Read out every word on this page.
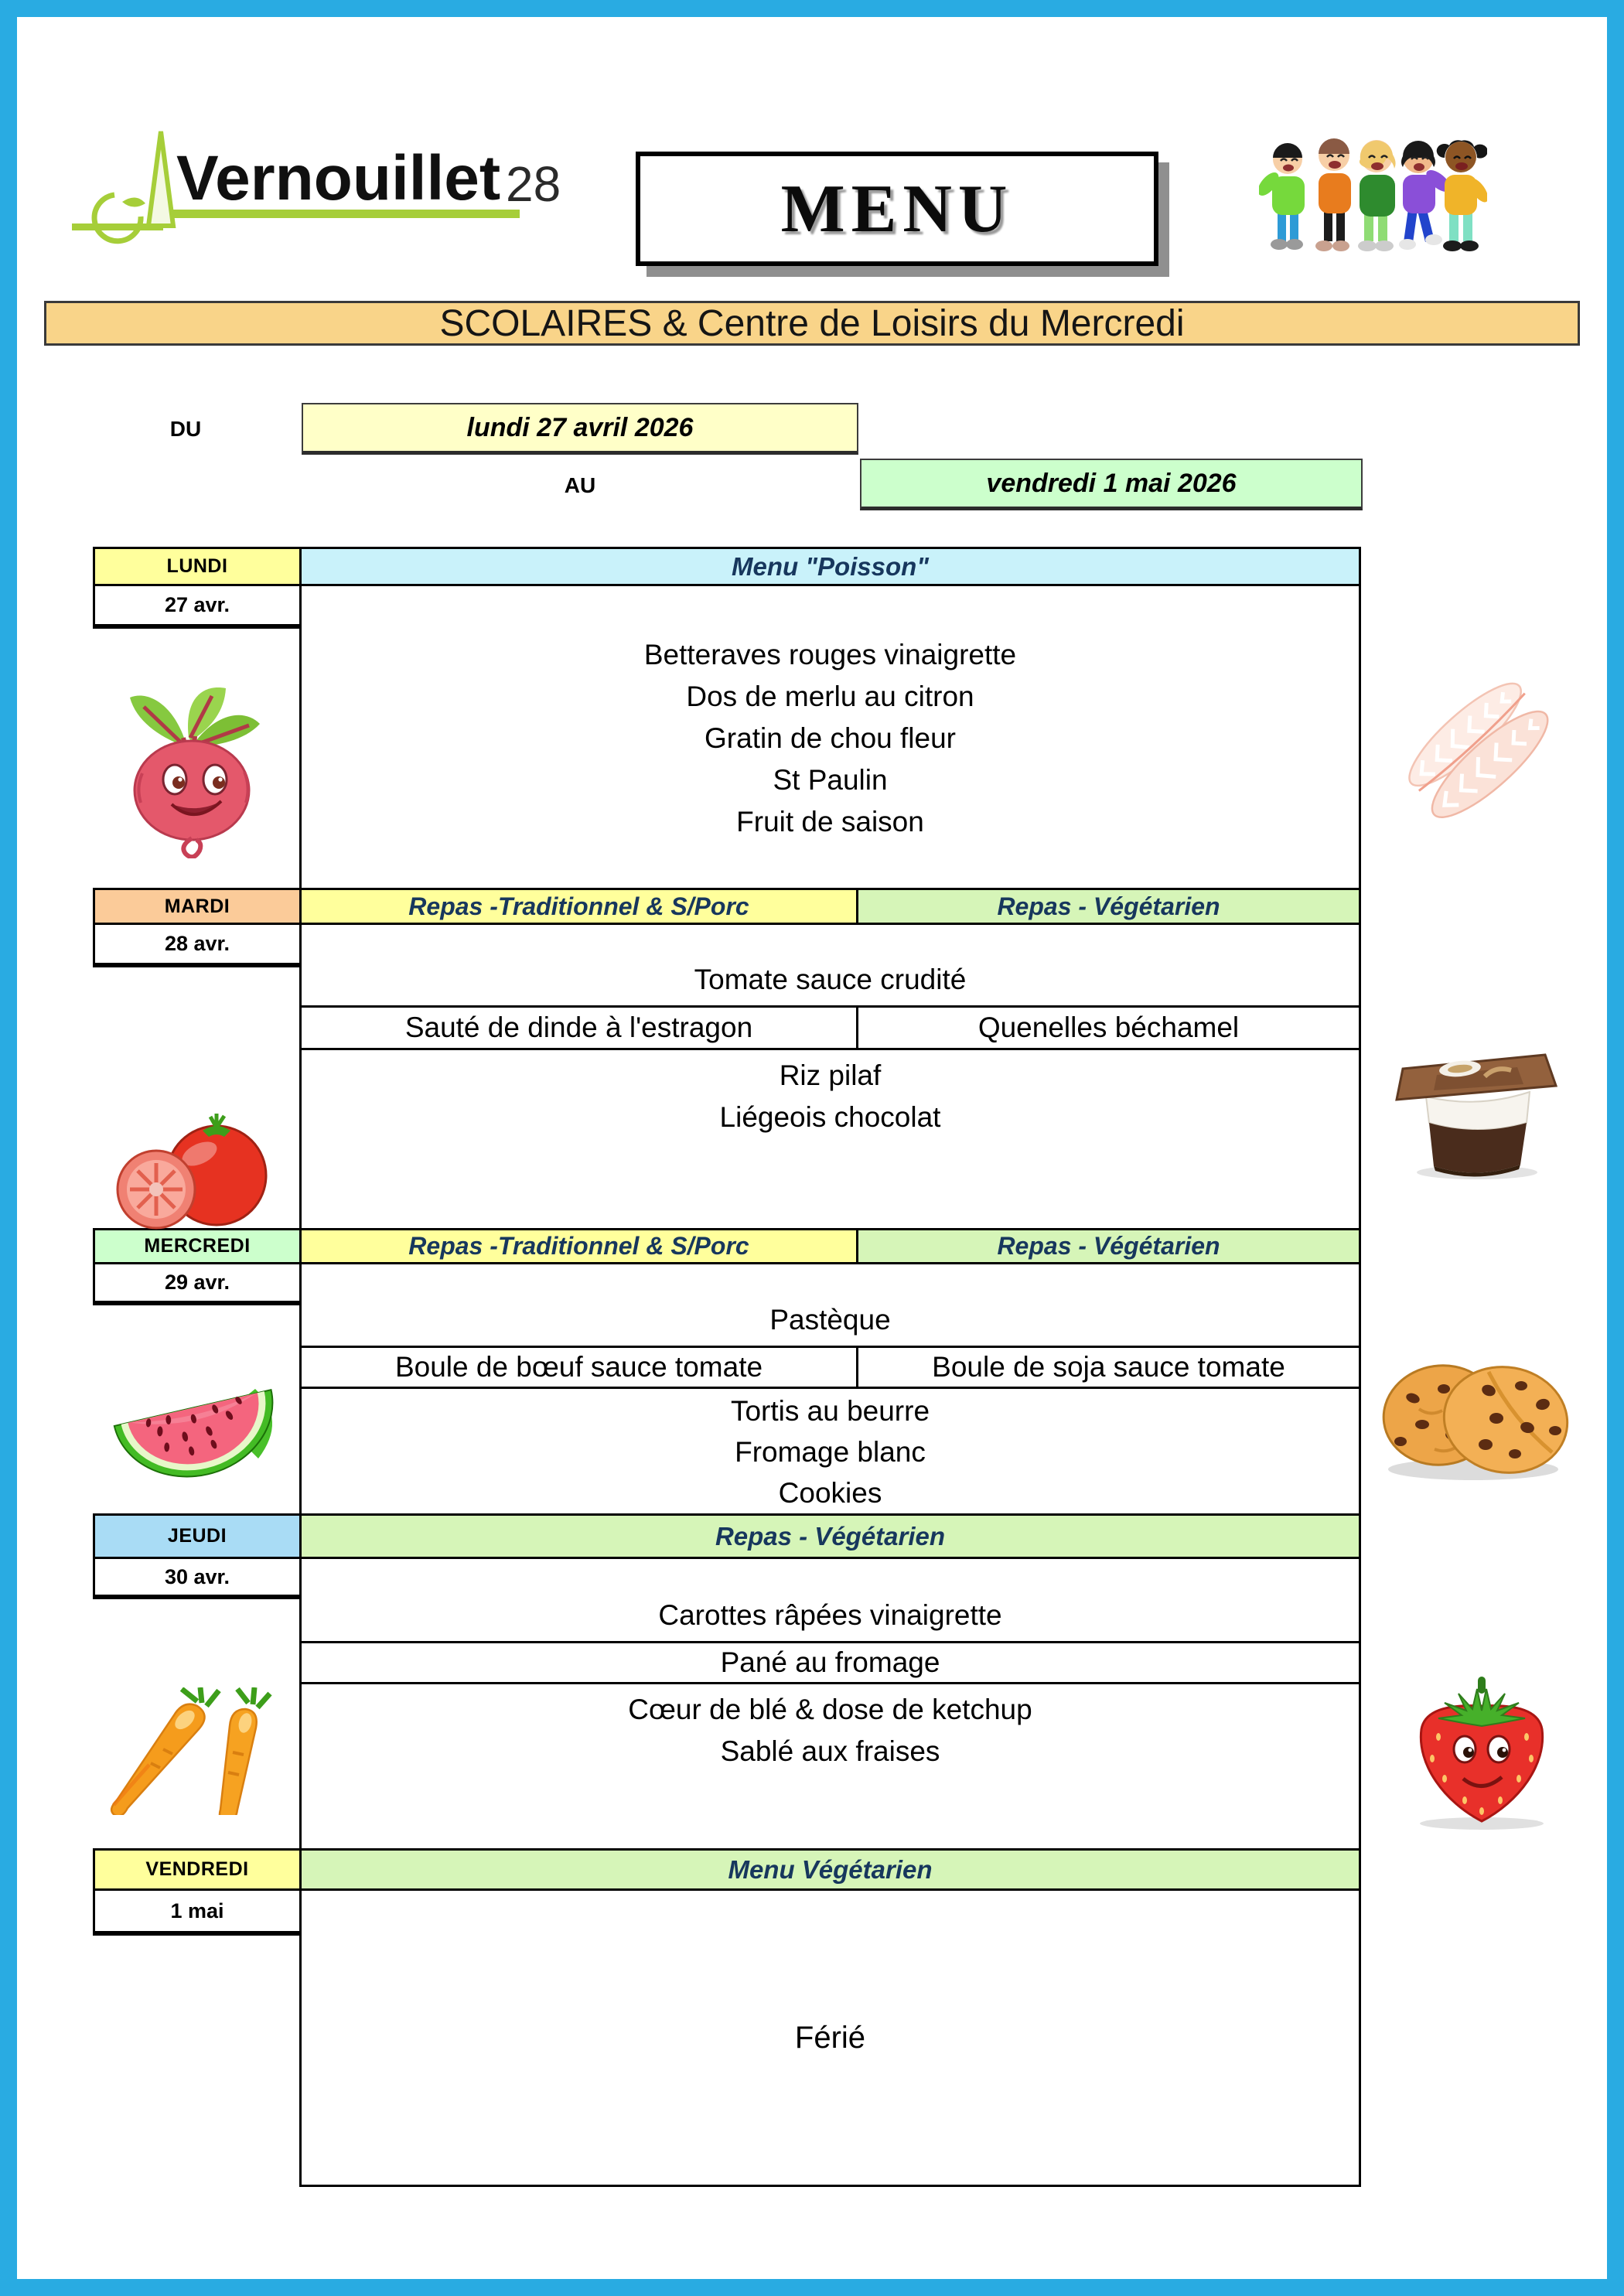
Vernouillet 28	MENU
SCOLAIRES & Centre de Loisirs du Mercredi
DU	lundi 27 avril 2026
AU	vendredi 1 mai 2026
LUNDI	Menu "Poisson"
27 avr.
Betteraves rouges vinaigrette
Dos de merlu au citron
Gratin de chou fleur
St Paulin
Fruit de saison
MARDI	Repas -Traditionnel & S/Porc	Repas - Végétarien
28 avr.
Tomate sauce crudité
Sauté de dinde à l'estragon	Quenelles béchamel
Riz pilaf
Liégeois chocolat
MERCREDI	Repas -Traditionnel & S/Porc	Repas - Végétarien
29 avr.
Pastèque
Boule de bœuf sauce tomate	Boule de soja sauce tomate
Tortis au beurre
Fromage blanc
Cookies
JEUDI	Repas - Végétarien
30 avr.
Carottes râpées vinaigrette
Pané au fromage
Cœur de blé & dose de ketchup
Sablé aux fraises
VENDREDI	Menu Végétarien
1 mai
Férié
